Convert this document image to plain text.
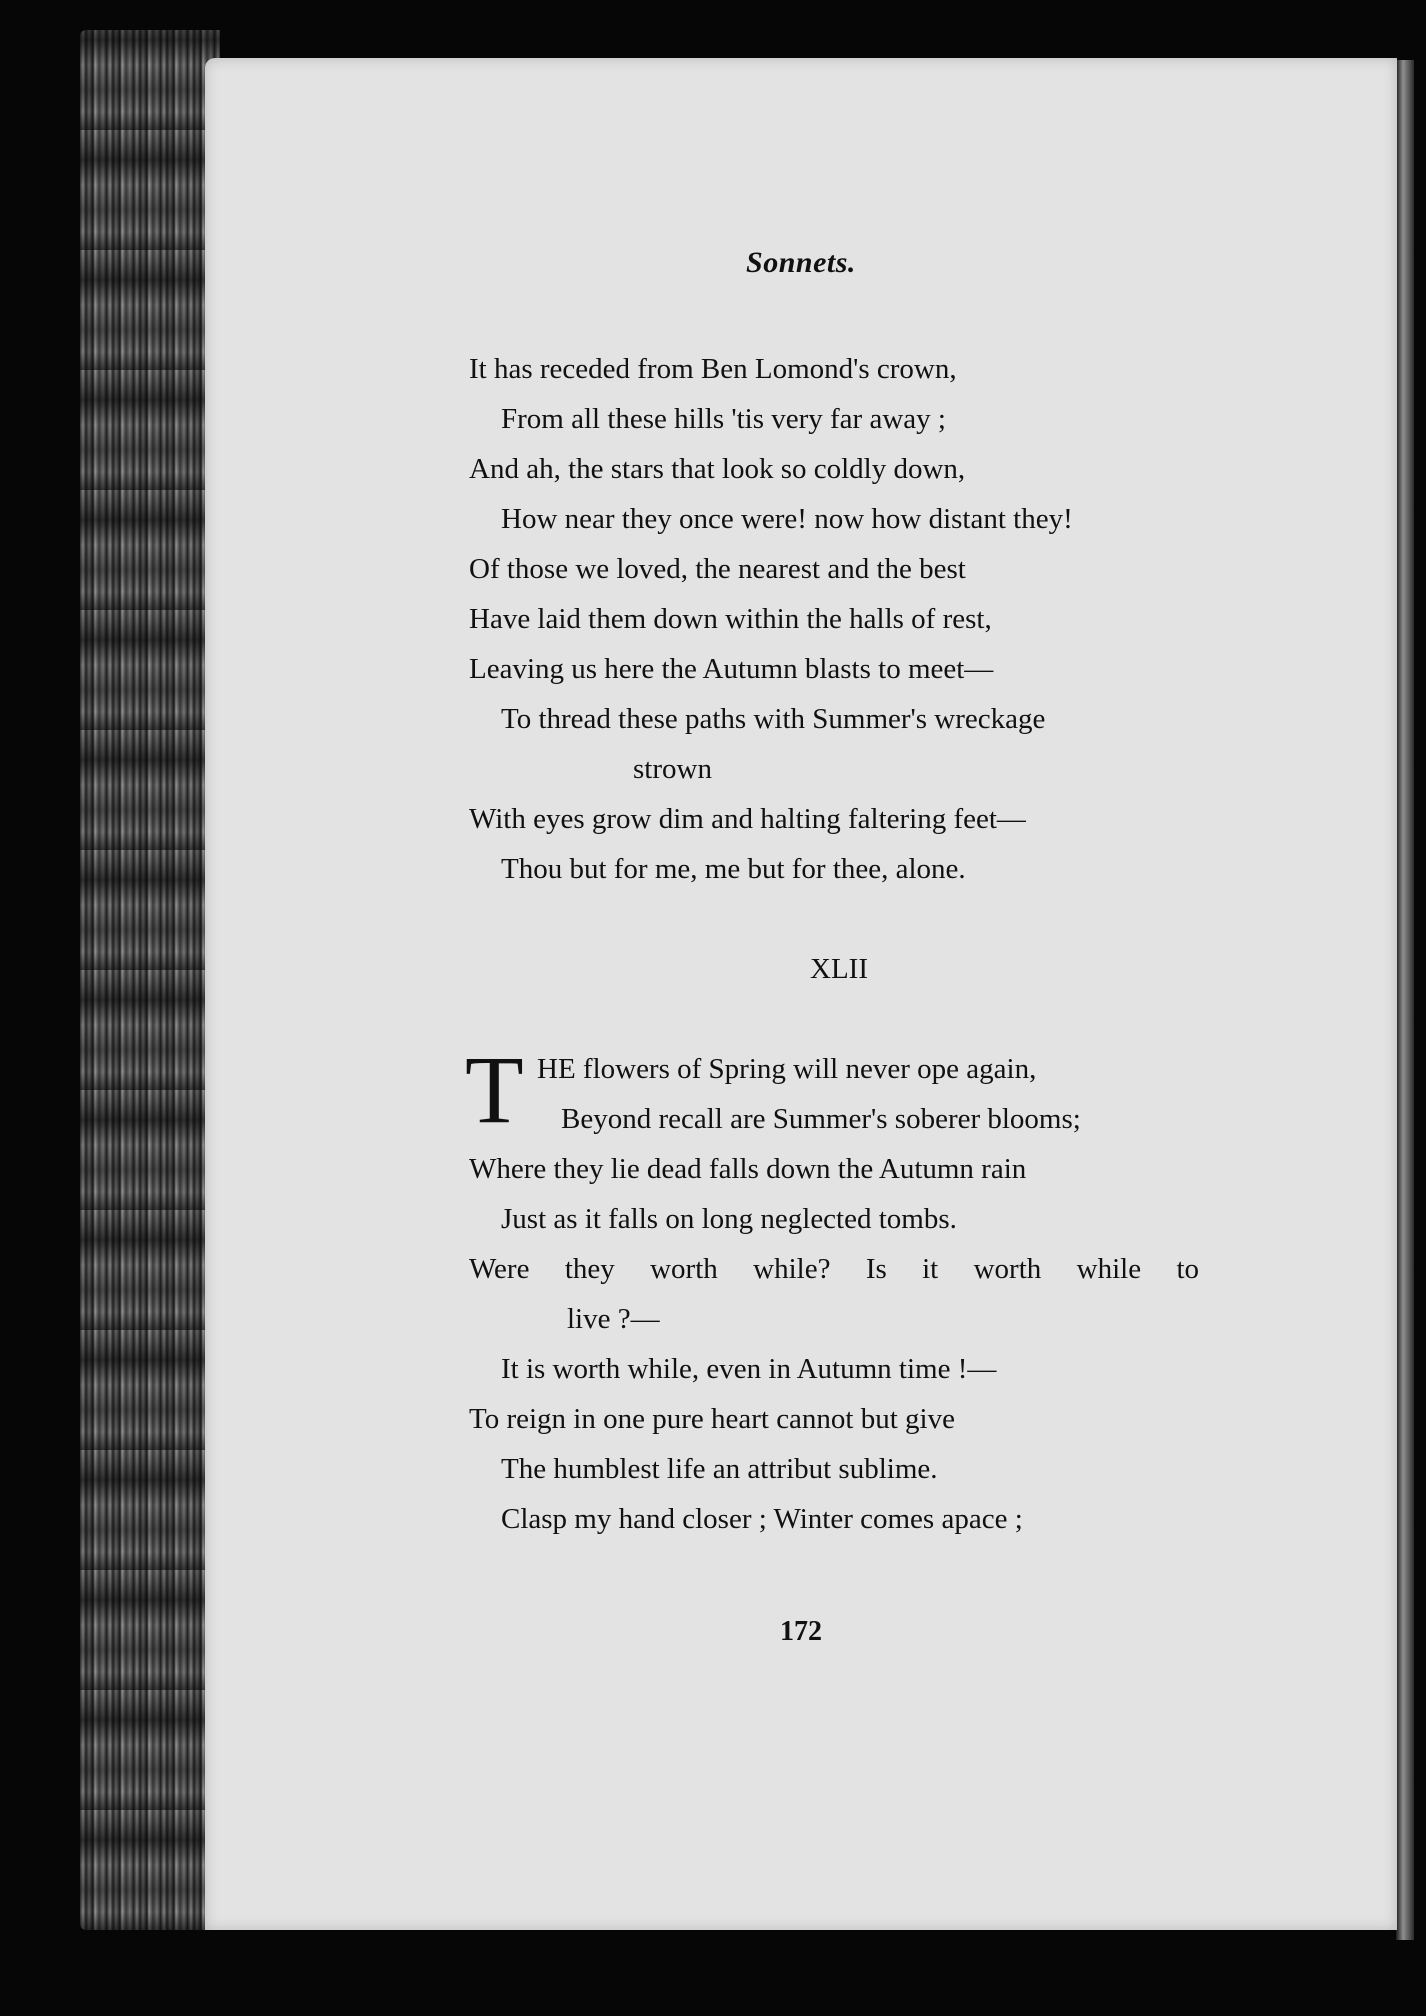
Sonnets.
It has receded from Ben Lomond's crown,
From all these hills 'tis very far away ;
And ah, the stars that look so coldly down,
How near they once were! now how distant they!
Of those we loved, the nearest and the best
Have laid them down within the halls of rest,
Leaving us here the Autumn blasts to meet—
To thread these paths with Summer's wreckage
strown
With eyes grow dim and halting faltering feet—
Thou but for me, me but for thee, alone.
XLII
T HE flowers of Spring will never ope again,
Beyond recall are Summer's soberer blooms;
Where they lie dead falls down the Autumn rain
Just as it falls on long neglected tombs.
Were they worth while? Is it worth while to
live ?—
It is worth while, even in Autumn time !—
To reign in one pure heart cannot but give
The humblest life an attribut sublime.
Clasp my hand closer ; Winter comes apace ;
172
